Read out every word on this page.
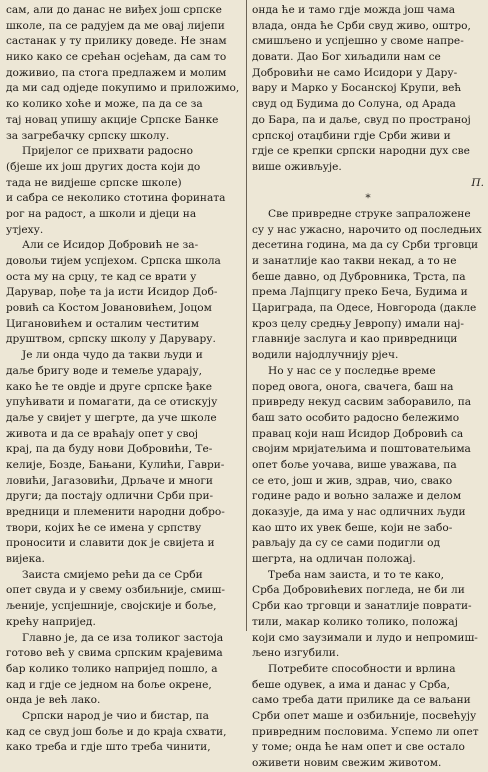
сам, али до данас не виђех још српске
школе, па се радујем да ме овај лијепи
састанак у ту прилику доведе. Не знам
нико како се срећан осјећам, да сам то
доживио, па стога предлажем и молим
да ми сад одједе покупимо и приложимо,
ко колико хоће и може, па да се за
тај новац упишу акције Српске Банке
за загребачку српску школу.
Пријелог се прихвати радосно
(бјеше их још других доста који до
тада не видјеше српске школе)
и сабра се неколико стотина форината
рог на радост, а школи и дјеци на
утјеху.
Али се Исидор Добровић не за-
довољи тијем успјехом. Српска школа
оста му на срцу, те кад се врати у
Дарувар, пође та ја исти Исидор Доб-
ровић са Костом Јовановићем, Јоцом
Цигановићем и осталим честитим
друштвом, српску школу у Дарувару.
Је ли онда чудо да такви људи и
даље бригу воде и темеље ударају,
како ће те овдје и друге српске ђаке
упућивати и помагати, да се отискују
даље у свијет у шегрте, да уче школе
живота и да се враћају опет у свој
крај, па да буду нови Добровићи, Те-
келије, Бозде, Бањани, Кулићи, Гаври-
ловићи, Јагазовићи, Дрљаче и многи
други; да постају одлични Срби при-
вредници и племенити народни добро-
твори, којих ће се имена у српству
проносити и славити док је свијета и
вијека.
Заиста смијемо рећи да се Срби
опет свуда и у свему озбиљније, смиш-
љеније, успјешније, својскије и боље,
крећу напријед.
Главно је, да се иза толиког застоја
готово већ у свима српским крајевима
бар колико толико напријед пошло, а
кад и гдје се једном на боље окрене,
онда је већ лако.
Српски народ је чио и бистар, па
кад се свуд још боље и до краја схвати,
како треба и гдје што треба чинити,
онда ће и тамо гдје можда још чама
влада, онда ће Срби свуд живо, оштро,
смишљено и успјешно у своме напре-
довати. Дао Бог хиљадили нам се
Добровићи не само Исидори у Дару-
вару и Марко у Босанској Крупи, већ
свуд од Будима до Солуна, од Арада
до Бара, па и даље, свуд по пространој
српској отаџбини гдје Срби живи и
гдје се крепки српски народни дух све
више оживљује.
П.
*
Све привредне струке запрaложене
су у нас ужасно, нарочито од последњих
десетина година, ма да су Срби трговци
и занатлије као такви некад, а то не
беше давно, од Дубровника, Трста, па
према Лајпцигу преко Беча, Будима и
Цариграда, па Одесе, Новгорода (дакле
кроз целу средњу Јевропу) имали нај-
главније заслуга и као привредници
водили најодлучнију рјеч.
Но у нас се у последње време
поред овога, онога, свачега, баш на
привреду некуд сасвим заборавило, па
баш зато особито радосно бележимо
правац који наш Исидор Добровић са
својим мријатељима и поштоватељима
опет боље уочава, више уважава, па
се ето, још и жив, здрав, чио, свако
године радо и вољно залаже и делом
доказује, да има у нас одличних људи
као што их увек беше, који не забо-
рављају да су се сами подигли од
шегрта, на одличан положај.
Треба нам заиста, и то те како,
Срба Добровићевих погледа, не би ли
Срби као трговци и занатлије поврати-
тили, макар колико толико, положај
који смо заузимали и лудо и непромиш-
љено изгубили.
Потребите способности и врлина
беше одувек, а има и данас у Срба,
само треба дати прилике да се ваљани
Срби опет маше и озбиљније, посвећују
привредним пословима. Успемо ли опет
у томе; онда ће нам опет и све остало
оживети новим свежим животом.
